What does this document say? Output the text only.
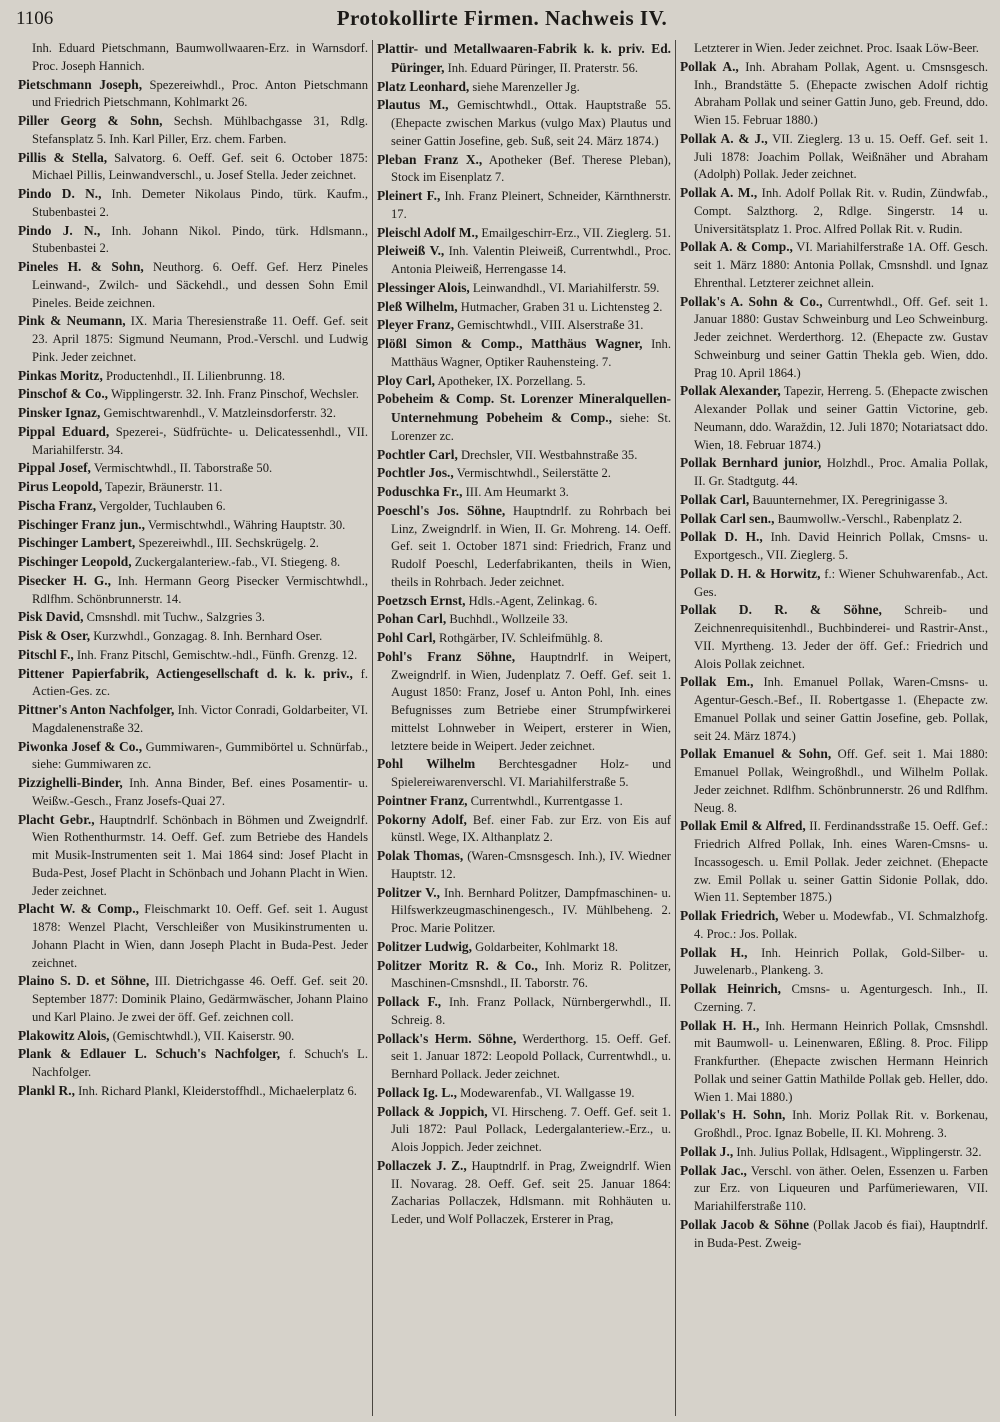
1106	Protokollirte Firmen. Nachweis IV.

Inh. Eduard Pietschmann, Baumwollwaaren-Erz. in Warnsdorf. Proc. Joseph Hannich.

Pietschmann Joseph, Spezereiwhdl., Proc. Anton Pietschmann und Friedrich Pietschmann, Kohlmarkt 26.

Piller Georg & Sohn, Sechsh. Mühlbachgasse 31, Rdlg. Stefansplatz 5. Inh. Karl Piller, Erz. chem. Farben.

Pillis & Stella, Salvatorg. 6. Oeff. Gef. seit 6. October 1875: Michael Pillis, Leinwandverschl., u. Josef Stella. Jeder zeichnet.

Pindo D. N., Inh. Demeter Nikolaus Pindo, türk. Kaufm., Stubenbastei 2.

Pindo J. N., Inh. Johann Nikol. Pindo, türk. Hdlsmann., Stubenbastei 2.

Pineles H. & Sohn, Neuthorg. 6. Oeff. Gef. Herz Pineles Leinwand-, Zwilch- und Säckehdl., und dessen Sohn Emil Pineles. Beide zeichnen.

Pink & Neumann, IX. Maria Theresienstraße 11. Oeff. Gef. seit 23. April 1875: Sigmund Neumann, Prod.-Verschl. und Ludwig Pink. Jeder zeichnet.

Pinkas Moritz, Productenhdl., II. Lilienbrunng. 18.

Pinschof & Co., Wipplingerstr. 32. Inh. Franz Pinschof, Wechsler.

Pinsker Ignaz, Gemischtwarenhdl., V. Matzleinsdorferstr. 32.

Pippal Eduard, Spezerei-, Südfrüchte- u. Delicatessenhdl., VII. Mariahilferstr. 34.

Pippal Josef, Vermischtwhdl., II. Taborstraße 50.

Pirus Leopold, Tapezir, Bräunerstr. 11.

Pischa Franz, Vergolder, Tuchlauben 6.

Pischinger Franz jun., Vermischtwhdl., Währing Hauptstr. 30.

Pischinger Lambert, Spezereiwhdl., III. Sechskrügelg. 2.

Pischinger Leopold, Zuckergalanteriew.-fab., VI. Stiegeng. 8.

Pisecker H. G., Inh. Hermann Georg Pisecker Vermischtwhdl., Rdlfhm. Schönbrunnerstr. 14.

Pisk David, Cmsnshdl. mit Tuchw., Salzgries 3.

Pisk & Oser, Kurzwhdl., Gonzagag. 8. Inh. Bernhard Oser.

Pitschl F., Inh. Franz Pitschl, Gemischtw.-hdl., Fünfh. Grenzg. 12.

Pittener Papierfabrik, Actiengesellschaft d. k. k. priv., f. Actien-Ges. zc.

Pittner's Anton Nachfolger, Inh. Victor Conradi, Goldarbeiter, VI. Magdalenenstraße 32.

Piwonka Josef & Co., Gummiwaren-, Gummibörtel u. Schnürfab., siehe: Gummiwaren zc.

Pizzighelli-Binder, Inh. Anna Binder, Bef. eines Posamentir- u. Weißw.-Gesch., Franz Josefs-Quai 27.

Placht Gebr., Hauptndrlf. Schönbach in Böhmen und Zweigndrlf. Wien Rothenthurmstr. 14. Oeff. Gef. zum Betriebe des Handels mit Musik-Instrumenten seit 1. Mai 1864 sind: Josef Placht in Buda-Pest, Josef Placht in Schönbach und Johann Placht in Wien. Jeder zeichnet.

Placht W. & Comp., Fleischmarkt 10. Oeff. Gef. seit 1. August 1878: Wenzel Placht, Verschleißer von Musikinstrumenten u. Johann Placht in Wien, dann Joseph Placht in Buda-Pest. Jeder zeichnet.

Plaino S. D. et Söhne, III. Dietrichgasse 46. Oeff. Gef. seit 20. September 1877: Dominik Plaino, Gedärmwäscher, Johann Plaino und Karl Plaino. Je zwei der öff. Gef. zeichnen coll.

Plakowitz Alois, (Gemischtwhdl.), VII. Kaiserstr. 90.

Plank & Edlauer L. Schuch's Nachfolger, f. Schuch's L. Nachfolger.

Plankl R., Inh. Richard Plankl, Kleiderstoffhdl., Michaelerplatz 6.

Plattir- und Metallwaaren-Fabrik k. k. priv. Ed. Püringer, Inh. Eduard Püringer, II. Praterstr. 56.

Platz Leonhard, siehe Marenzeller Jg.

Plautus M., Gemischtwhdl., Ottak. Hauptstraße 55. (Ehepacte zwischen Markus (vulgo Max) Plautus und seiner Gattin Josefine, geb. Suß, seit 24. März 1874.)

Pleban Franz X., Apotheker (Bef. Therese Pleban), Stock im Eisenplatz 7.

Pleinert F., Inh. Franz Pleinert, Schneider, Kärnthnerstr. 17.

Pleischl Adolf M., Emailgeschirr-Erz., VII. Zieglerg. 51.

Pleiweiß V., Inh. Valentin Pleiweiß, Currentwhdl., Proc. Antonia Pleiweiß, Herrengasse 14.

Plessinger Alois, Leinwandhdl., VI. Mariahilferstr. 59.

Pleß Wilhelm, Hutmacher, Graben 31 u. Lichtensteg 2.

Pleyer Franz, Gemischtwhdl., VIII. Alserstraße 31.

Plößl Simon & Comp., Matthäus Wagner, Inh. Matthäus Wagner, Optiker Rauhensteing. 7.

Ploy Carl, Apotheker, IX. Porzellang. 5.

Pobeheim & Comp. St. Lorenzer Mineralquellen-Unternehmung Pobeheim & Comp., siehe: St. Lorenzer zc.

Pochtler Carl, Drechsler, VII. Westbahnstraße 35.

Pochtler Jos., Vermischtwhdl., Seilerstätte 2.

Poduschka Fr., III. Am Heumarkt 3.

Poeschl's Jos. Söhne, Hauptndrlf. zu Rohrbach bei Linz, Zweigndrlf. in Wien, II. Gr. Mohreng. 14. Oeff. Gef. seit 1. October 1871 sind: Friedrich, Franz und Rudolf Poeschl, Lederfabrikanten, theils in Wien, theils in Rohrbach. Jeder zeichnet.

Poetzsch Ernst, Hdls.-Agent, Zelinkag. 6.

Pohan Carl, Buchhdl., Wollzeile 33.

Pohl Carl, Rothgärber, IV. Schleifmühlg. 8.

Pohl's Franz Söhne, Hauptndrlf. in Weipert, Zweigndrlf. in Wien, Judenplatz 7. Oeff. Gef. seit 1. August 1850: Franz, Josef u. Anton Pohl, Inh. eines Befugnisses zum Betriebe einer Strumpfwirkerei mittelst Lohnweber in Weipert, ersterer in Wien, letztere beide in Weipert. Jeder zeichnet.

Pohl Wilhelm Berchtesgadner Holz- und Spielereiwarenverschl. VI. Mariahilferstraße 5.

Pointner Franz, Currentwhdl., Kurrentgasse 1.

Pokorny Adolf, Bef. einer Fab. zur Erz. von Eis auf künstl. Wege, IX. Althanplatz 2.

Polak Thomas, (Waren-Cmsnsgesch. Inh.), IV. Wiedner Hauptstr. 12.

Politzer V., Inh. Bernhard Politzer, Dampfmaschinen- u. Hilfswerkzeugmaschinengesch., IV. Mühlbeheng. 2. Proc. Marie Politzer.

Politzer Ludwig, Goldarbeiter, Kohlmarkt 18.

Politzer Moritz R. & Co., Inh. Moriz R. Politzer, Maschinen-Cmsnshdl., II. Taborstr. 76.

Pollack F., Inh. Franz Pollack, Nürnbergerwhdl., II. Schreig. 8.

Pollack's Herm. Söhne, Werderthorg. 15. Oeff. Gef. seit 1. Januar 1872: Leopold Pollack, Currentwhdl., u. Bernhard Pollack. Jeder zeichnet.

Pollack Ig. L., Modewarenfab., VI. Wallgasse 19.

Pollack & Joppich, VI. Hirscheng. 7. Oeff. Gef. seit 1. Juli 1872: Paul Pollack, Ledergalanteriew.-Erz., u. Alois Joppich. Jeder zeichnet.

Pollaczek J. Z., Hauptndrlf. in Prag, Zweigndrlf. Wien II. Novarag. 28. Oeff. Gef. seit 25. Januar 1864: Zacharias Pollaczek, Hdlsmann. mit Rohhäuten u. Leder, und Wolf Pollaczek, Ersterer in Prag,

Letzterer in Wien. Jeder zeichnet. Proc. Isaak Löw-Beer.

Pollak A., Inh. Abraham Pollak, Agent. u. Cmsnsgesch. Inh., Brandstätte 5. (Ehepacte zwischen Adolf richtig Abraham Pollak und seiner Gattin Juno, geb. Freund, ddo. Wien 15. Februar 1880.)

Pollak A. & J., VII. Zieglerg. 13 u. 15. Oeff. Gef. seit 1. Juli 1878: Joachim Pollak, Weißnäher und Abraham (Adolph) Pollak. Jeder zeichnet.

Pollak A. M., Inh. Adolf Pollak Rit. v. Rudin, Zündwfab., Compt. Salzthorg. 2, Rdlge. Singerstr. 14 u. Universitätsplatz 1. Proc. Alfred Pollak Rit. v. Rudin.

Pollak A. & Comp., VI. Mariahilferstraße 1A. Off. Gesch. seit 1. März 1880: Antonia Pollak, Cmsnshdl. und Ignaz Ehrenthal. Letzterer zeichnet allein.

Pollak's A. Sohn & Co., Currentwhdl., Off. Gef. seit 1. Januar 1880: Gustav Schweinburg und Leo Schweinburg. Jeder zeichnet. Werderthorg. 12. (Ehepacte zw. Gustav Schweinburg und seiner Gattin Thekla geb. Wien, ddo. Prag 10. April 1864.)

Pollak Alexander, Tapezir, Herreng. 5. (Ehepacte zwischen Alexander Pollak und seiner Gattin Victorine, geb. Neumann, ddo. Waraždin, 12. Juli 1870; Notariatsact ddo. Wien, 18. Februar 1874.)

Pollak Bernhard junior, Holzhdl., Proc. Amalia Pollak, II. Gr. Stadtgutg. 44.

Pollak Carl, Bauunternehmer, IX. Peregrinigasse 3.

Pollak Carl sen., Baumwollw.-Verschl., Rabenplatz 2.

Pollak D. H., Inh. David Heinrich Pollak, Cmsns- u. Exportgesch., VII. Zieglerg. 5.

Pollak D. H. & Horwitz, f.: Wiener Schuhwarenfab., Act. Ges.

Pollak D. R. & Söhne, Schreib- und Zeichnenrequisitenhdl., Buchbinderei- und Rastrir-Anst., VII. Myrtheng. 13. Jeder der öff. Gef.: Friedrich und Alois Pollak zeichnet.

Pollak Em., Inh. Emanuel Pollak, Waren-Cmsns- u. Agentur-Gesch.-Bef., II. Robertgasse 1. (Ehepacte zw. Emanuel Pollak und seiner Gattin Josefine, geb. Pollak, seit 24. März 1874.)

Pollak Emanuel & Sohn, Off. Gef. seit 1. Mai 1880: Emanuel Pollak, Weingroßhdl., und Wilhelm Pollak. Jeder zeichnet. Rdlfhm. Schönbrunnerstr. 26 und Rdlfhm. Neug. 8.

Pollak Emil & Alfred, II. Ferdinandsstraße 15. Oeff. Gef.: Friedrich Alfred Pollak, Inh. eines Waren-Cmsns- u. Incassogesch. u. Emil Pollak. Jeder zeichnet. (Ehepacte zw. Emil Pollak u. seiner Gattin Sidonie Pollak, ddo. Wien 11. September 1875.)

Pollak Friedrich, Weber u. Modewfab., VI. Schmalzhofg. 4. Proc.: Jos. Pollak.

Pollak H., Inh. Heinrich Pollak, Gold-Silber- u. Juwelenarb., Plankeng. 3.

Pollak Heinrich, Cmsns- u. Agenturgesch. Inh., II. Czerning. 7.

Pollak H. H., Inh. Hermann Heinrich Pollak, Cmsnshdl. mit Baumwoll- u. Leinenwaren, Eßling. 8. Proc. Filipp Frankfurther. (Ehepacte zwischen Hermann Heinrich Pollak und seiner Gattin Mathilde Pollak geb. Heller, ddo. Wien 1. Mai 1880.)

Pollak's H. Sohn, Inh. Moriz Pollak Rit. v. Borkenau, Großhdl., Proc. Ignaz Bobelle, II. Kl. Mohreng. 3.

Pollak J., Inh. Julius Pollak, Hdlsagent., Wipplingerstr. 32.

Pollak Jac., Verschl. von äther. Oelen, Essenzen u. Farben zur Erz. von Liqueuren und Parfümeriewaren, VII. Mariahilferstraße 110.

Pollak Jacob & Söhne (Pollak Jacob és fiai), Hauptndrlf. in Buda-Pest. Zweig-
